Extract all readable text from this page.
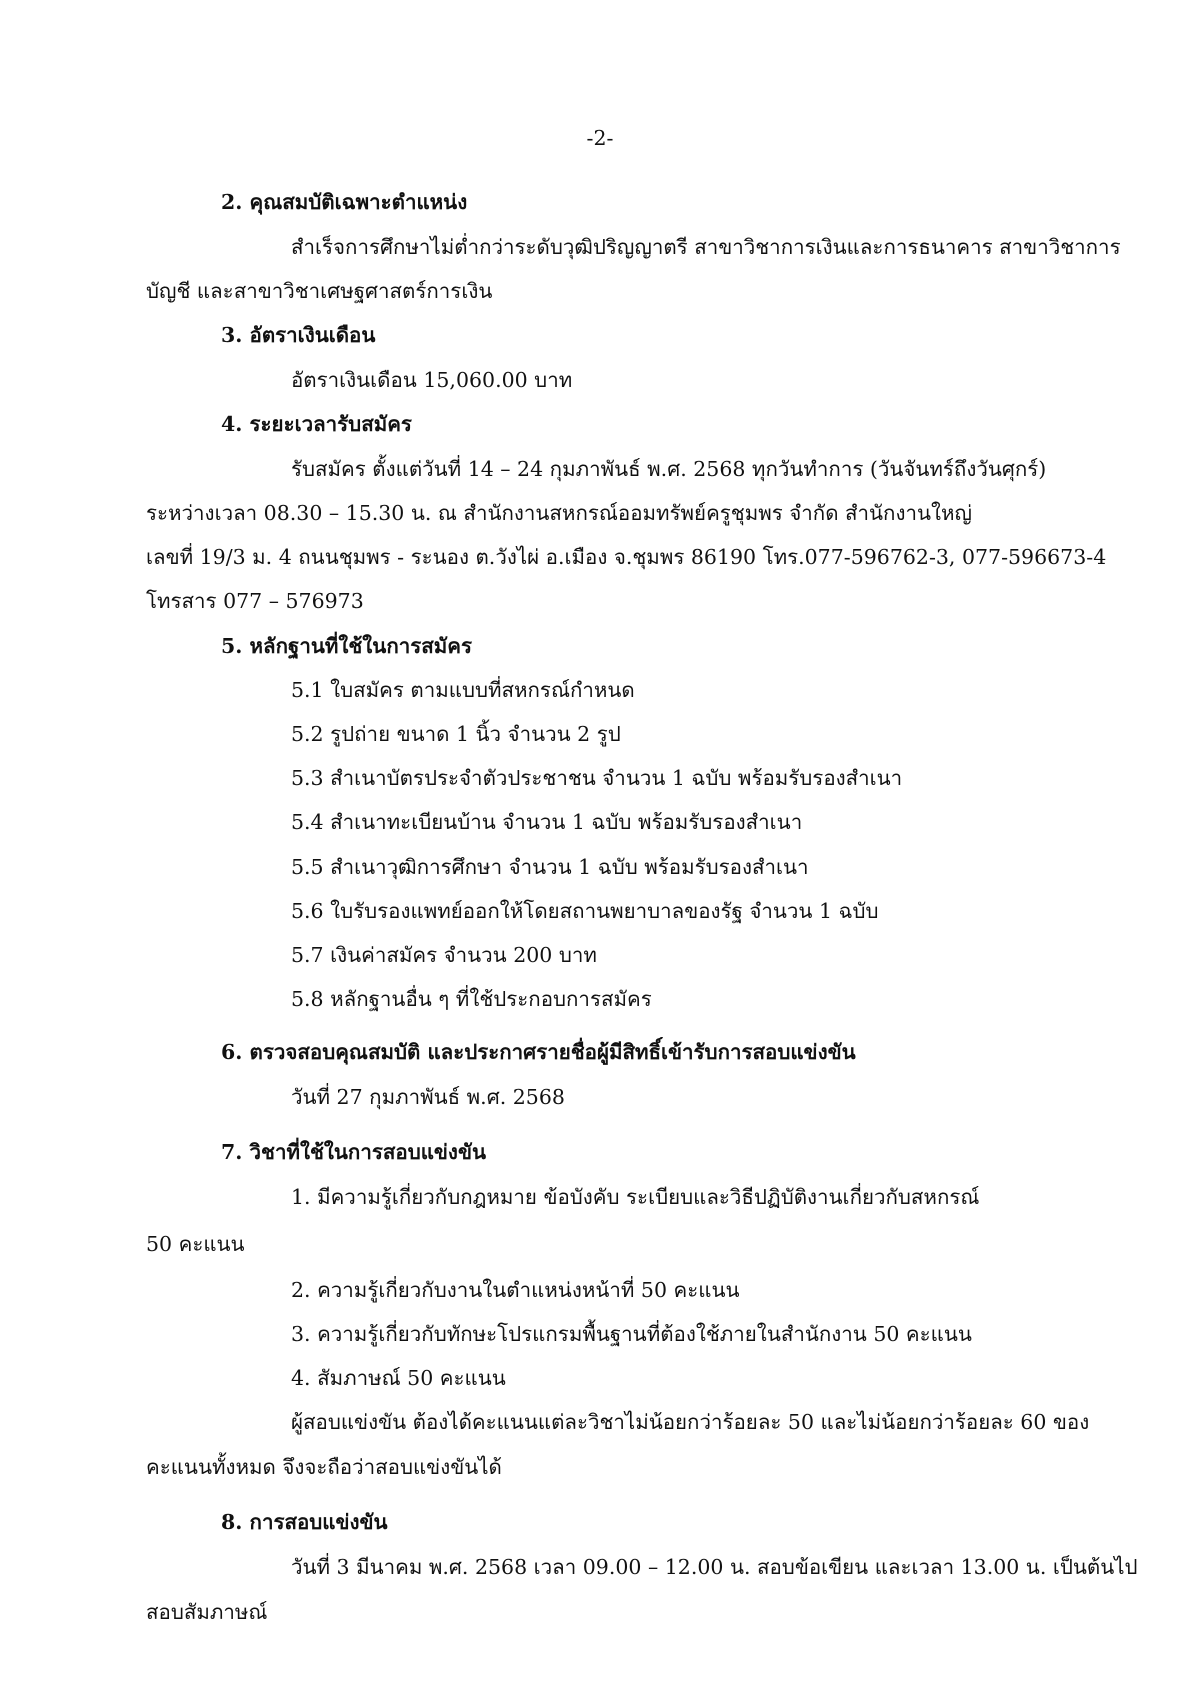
-2-
2. คุณสมบัติเฉพาะตำแหน่ง
สำเร็จการศึกษาไม่ต่ำกว่าระดับวุฒิปริญญาตรี สาขาวิชาการเงินและการธนาคาร สาขาวิชาการ
บัญชี และสาขาวิชาเศษฐศาสตร์การเงิน
3. อัตราเงินเดือน
อัตราเงินเดือน 15,060.00 บาท
4. ระยะเวลารับสมัคร
รับสมัคร ตั้งแต่วันที่ 14 – 24 กุมภาพันธ์ พ.ศ. 2568 ทุกวันทำการ (วันจันทร์ถึงวันศุกร์)
ระหว่างเวลา 08.30 – 15.30 น. ณ สำนักงานสหกรณ์ออมทรัพย์ครูชุมพร จำกัด สำนักงานใหญ่
เลขที่ 19/3 ม. 4 ถนนชุมพร - ระนอง ต.วังไผ่ อ.เมือง จ.ชุมพร 86190 โทร.077-596762-3, 077-596673-4
โทรสาร 077 – 576973
5. หลักฐานที่ใช้ในการสมัคร
5.1 ใบสมัคร ตามแบบที่สหกรณ์กำหนด
5.2 รูปถ่าย ขนาด 1 นิ้ว จำนวน 2 รูป
5.3 สำเนาบัตรประจำตัวประชาชน จำนวน 1 ฉบับ พร้อมรับรองสำเนา
5.4 สำเนาทะเบียนบ้าน จำนวน 1 ฉบับ พร้อมรับรองสำเนา
5.5 สำเนาวุฒิการศึกษา จำนวน 1 ฉบับ พร้อมรับรองสำเนา
5.6 ใบรับรองแพทย์ออกให้โดยสถานพยาบาลของรัฐ จำนวน 1 ฉบับ
5.7 เงินค่าสมัคร จำนวน 200 บาท
5.8 หลักฐานอื่น ๆ ที่ใช้ประกอบการสมัคร
6. ตรวจสอบคุณสมบัติ และประกาศรายชื่อผู้มีสิทธิ์เข้ารับการสอบแข่งขัน
วันที่ 27 กุมภาพันธ์ พ.ศ. 2568
7. วิชาที่ใช้ในการสอบแข่งขัน
1. มีความรู้เกี่ยวกับกฎหมาย ข้อบังคับ ระเบียบและวิธีปฏิบัติงานเกี่ยวกับสหกรณ์
50 คะแนน
2. ความรู้เกี่ยวกับงานในตำแหน่งหน้าที่ 50 คะแนน
3. ความรู้เกี่ยวกับทักษะโปรแกรมพื้นฐานที่ต้องใช้ภายในสำนักงาน 50 คะแนน
4. สัมภาษณ์ 50 คะแนน
ผู้สอบแข่งขัน ต้องได้คะแนนแต่ละวิชาไม่น้อยกว่าร้อยละ 50 และไม่น้อยกว่าร้อยละ 60 ของ
คะแนนทั้งหมด จึงจะถือว่าสอบแข่งขันได้
8. การสอบแข่งขัน
วันที่ 3 มีนาคม พ.ศ. 2568 เวลา 09.00 – 12.00 น. สอบข้อเขียน และเวลา 13.00 น. เป็นต้นไป
สอบสัมภาษณ์
